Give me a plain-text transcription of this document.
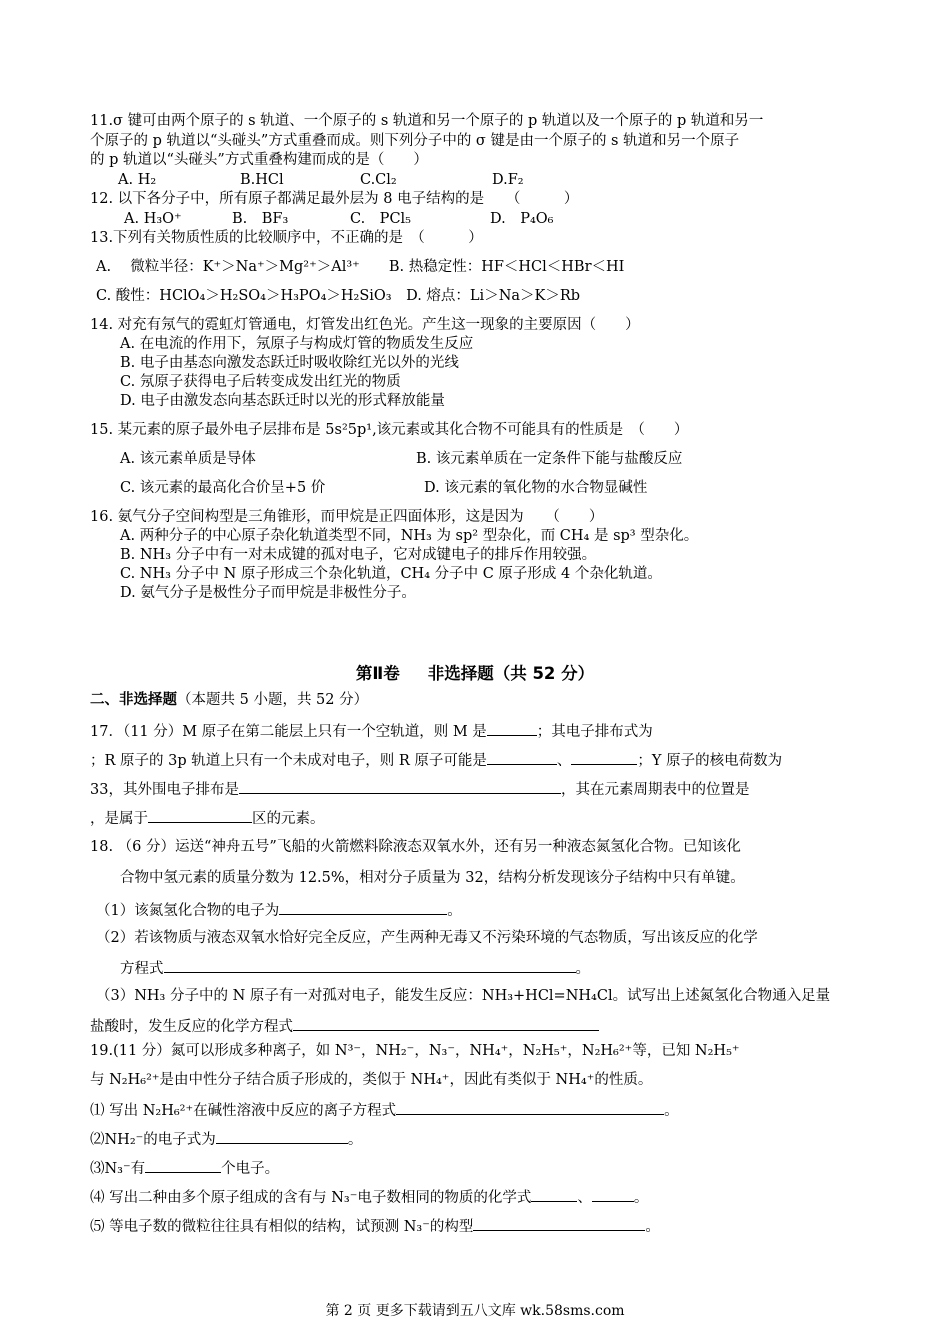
11.σ 键可由两个原子的 s 轨道、一个原子的 s 轨道和另一个原子的 p 轨道以及一个原子的 p 轨道和另一
个原子的 p 轨道以“头碰头”方式重叠而成。则下列分子中的 σ 键是由一个原子的 s 轨道和另一个原子
的 p 轨道以“头碰头”方式重叠构建而成的是（　　）
A. H₂	B.HCl	C.Cl₂	D.F₂
12. 以下各分子中，所有原子都满足最外层为 8 电子结构的是　　（　　　）
A. H₃O⁺	B.　BF₃	C.　PCl₅	D.　P₄O₆
13.下列有关物质性质的比较顺序中，不正确的是　（　　　）
A.　 微粒半径：K⁺＞Na⁺＞Mg²⁺＞Al³⁺　　B. 热稳定性：HF＜HCl＜HBr＜HI
C. 酸性：HClO₄＞H₂SO₄＞H₃PO₄＞H₂SiO₃　D. 熔点：Li＞Na＞K＞Rb
14. 对充有氖气的霓虹灯管通电，灯管发出红色光。产生这一现象的主要原因（　　）
A. 在电流的作用下，氖原子与构成灯管的物质发生反应
B. 电子由基态向激发态跃迁时吸收除红光以外的光线
C. 氖原子获得电子后转变成发出红光的物质
D. 电子由激发态向基态跃迁时以光的形式释放能量
15. 某元素的原子最外电子层排布是 5s²5p¹,该元素或其化合物不可能具有的性质是　（　　）
A. 该元素单质是导体	B. 该元素单质在一定条件下能与盐酸反应
C. 该元素的最高化合价呈+5 价	D. 该元素的氧化物的水合物显碱性
16. 氨气分子空间构型是三角锥形，而甲烷是正四面体形，这是因为　　（　　）
A. 两种分子的中心原子杂化轨道类型不同，NH₃ 为 sp² 型杂化，而 CH₄ 是 sp³ 型杂化。
B. NH₃ 分子中有一对未成键的孤对电子，它对成键电子的排斥作用较强。
C. NH₃ 分子中 N 原子形成三个杂化轨道，CH₄ 分子中 C 原子形成 4 个杂化轨道。
D. 氨气分子是极性分子而甲烷是非极性分子。
第Ⅱ卷 非选择题（共 52 分）
二、非选择题（本题共 5 小题，共 52 分）
17．（11 分）M 原子在第二能层上只有一个空轨道，则 M 是	；其电子排布式为
；R 原子的 3p 轨道上只有一个未成对电子，则 R 原子可能是	、	；Y 原子的核电荷数为
33，其外围电子排布是	，其在元素周期表中的位置是
，是属于	区的元素。
18. （6 分）运送“神舟五号”飞船的火箭燃料除液态双氧水外，还有另一种液态氮氢化合物。已知该化
合物中氢元素的质量分数为 12.5%，相对分子质量为 32，结构分析发现该分子结构中只有单键。
（1）该氮氢化合物的电子为	。
（2）若该物质与液态双氧水恰好完全反应，产生两种无毒又不污染环境的气态物质，写出该反应的化学
方程式	。
（3）NH₃ 分子中的 N 原子有一对孤对电子，能发生反应：NH₃+HCl=NH₄Cl。试写出上述氮氢化合物通入足量
盐酸时，发生反应的化学方程式
19.(11 分）氮可以形成多种离子，如 N³⁻，NH₂⁻，N₃⁻，NH₄⁺，N₂H₅⁺，N₂H₆²⁺等，已知 N₂H₅⁺
与 N₂H₆²⁺是由中性分子结合质子形成的，类似于 NH₄⁺，因此有类似于 NH₄⁺的性质。
⑴ 写出 N₂H₆²⁺在碱性溶液中反应的离子方程式	。
⑵NH₂⁻的电子式为	。
⑶N₃⁻有	个电子。
⑷ 写出二种由多个原子组成的含有与 N₃⁻电子数相同的物质的化学式	、	。
⑸ 等电子数的微粒往往具有相似的结构，试预测 N₃⁻的构型	。
第 2 页 更多下载请到五八文库 wk.58sms.com
